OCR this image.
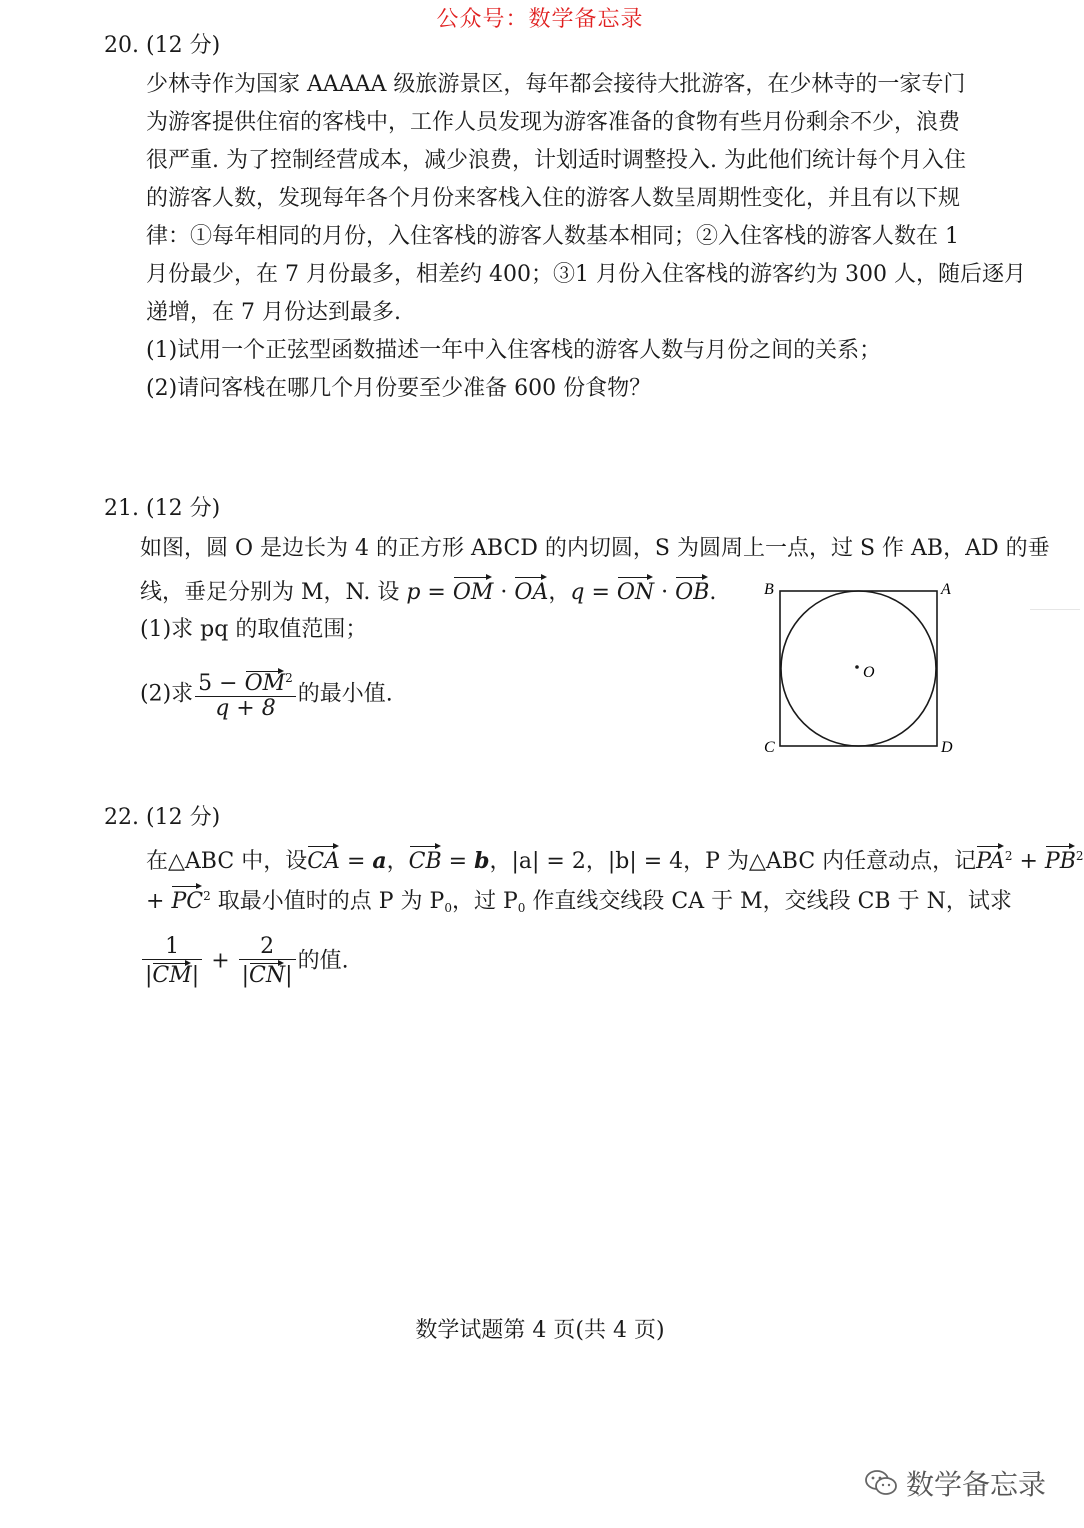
公众号：数学备忘录
20. (12 分)
少林寺作为国家 AAAAA 级旅游景区，每年都会接待大批游客，在少林寺的一家专门
为游客提供住宿的客栈中，工作人员发现为游客准备的食物有些月份剩余不少，浪费
很严重. 为了控制经营成本，减少浪费，计划适时调整投入. 为此他们统计每个月入住
的游客人数，发现每年各个月份来客栈入住的游客人数呈周期性变化，并且有以下规
律：①每年相同的月份，入住客栈的游客人数基本相同；②入住客栈的游客人数在 1
月份最少，在 7 月份最多，相差约 400；③1 月份入住客栈的游客约为 300 人，随后逐月
递增，在 7 月份达到最多.
(1)试用一个正弦型函数描述一年中入住客栈的游客人数与月份之间的关系；
(2)请问客栈在哪几个月份要至少准备 600 份食物？
21. (12 分)
如图，圆 O 是边长为 4 的正方形 ABCD 的内切圆，S 为圆周上一点，过 S 作 AB，AD 的垂
线，垂足分别为 M，N. 设 p = OM · OA，q = ON · OB.
(1)求 pq 的取值范围；
(2)求 $\frac{5 - OM^2}{q + 8}$ 的最小值.
B	A
C	D
O
22. (12 分)
在△ABC 中，设CA = a，CB = b，|a| = 2，|b| = 4，P 为△ABC 内任意动点，记$PA^2 + PB^2$
+ $PC^2$ 取最小值时的点 P 为 $P_0$，过 $P_0$ 作直线交线段 CA 于 M，交线段 CB 于 N，试求
$\frac{1}{|CM|} + \frac{2}{|CN|}$ 的值.
数学试题第 4 页(共 4 页)
数学备忘录
